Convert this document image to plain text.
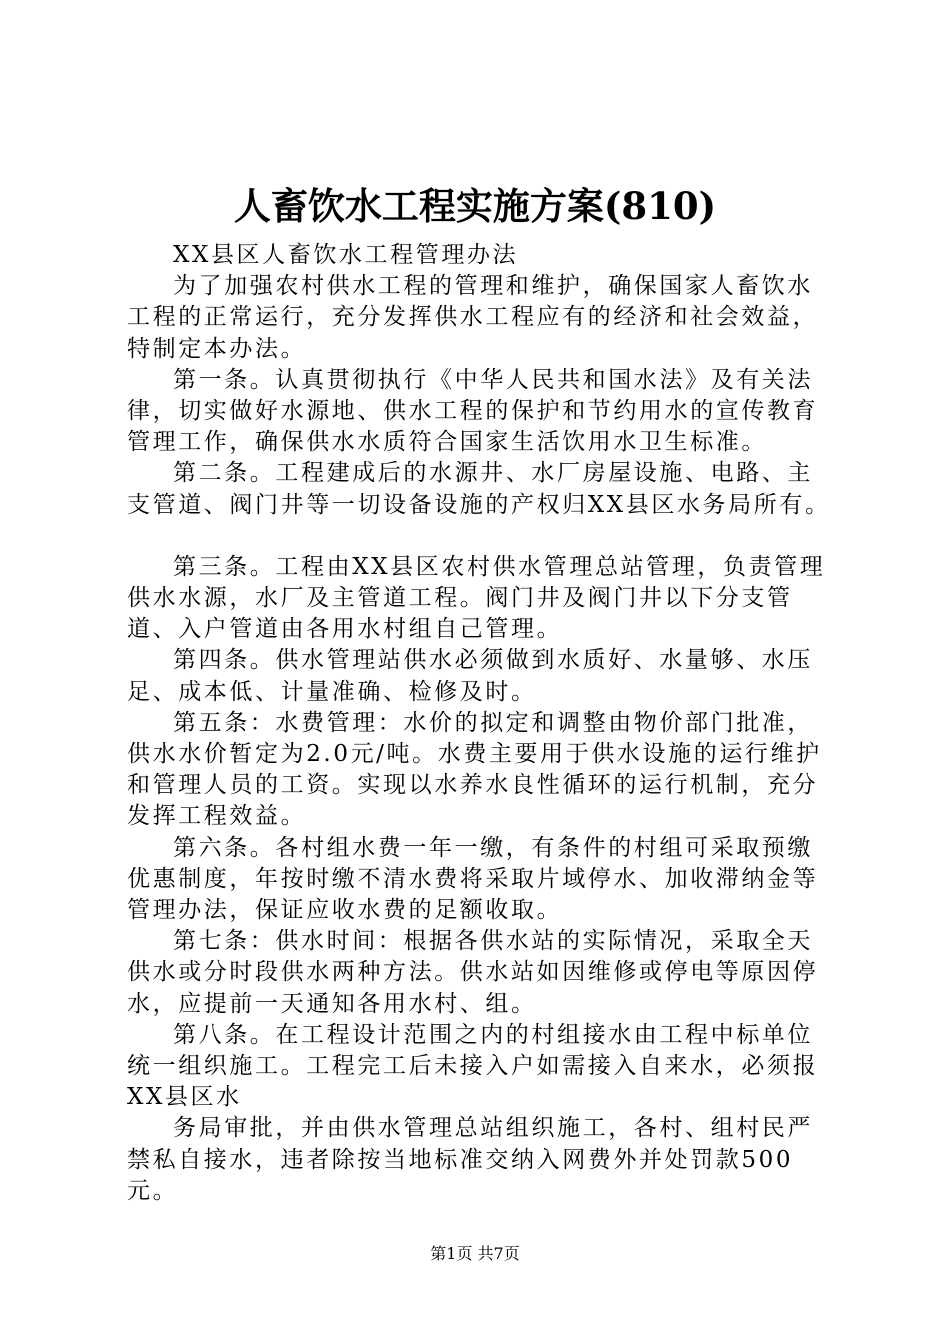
人畜饮水工程实施方案(810)

XX县区人畜饮水工程管理办法

为了加强农村供水工程的管理和维护，确保国家人畜饮水工程的正常运行，充分发挥供水工程应有的经济和社会效益，特制定本办法。

第一条。认真贯彻执行《中华人民共和国水法》及有关法律，切实做好水源地、供水工程的保护和节约用水的宣传教育管理工作，确保供水水质符合国家生活饮用水卫生标准。

第二条。工程建成后的水源井、水厂房屋设施、电路、主支管道、阀门井等一切设备设施的产权归XX县区水务局所有。

第三条。工程由XX县区农村供水管理总站管理，负责管理供水水源，水厂及主管道工程。阀门井及阀门井以下分支管道、入户管道由各用水村组自己管理。

第四条。供水管理站供水必须做到水质好、水量够、水压足、成本低、计量准确、检修及时。

第五条：水费管理：水价的拟定和调整由物价部门批准，供水水价暂定为2.0元/吨。水费主要用于供水设施的运行维护和管理人员的工资。实现以水养水良性循环的运行机制，充分发挥工程效益。

第六条。各村组水费一年一缴，有条件的村组可采取预缴优惠制度，年按时缴不清水费将采取片域停水、加收滞纳金等管理办法，保证应收水费的足额收取。

第七条：供水时间：根据各供水站的实际情况，采取全天供水或分时段供水两种方法。供水站如因维修或停电等原因停水，应提前一天通知各用水村、组。

第八条。在工程设计范围之内的村组接水由工程中标单位统一组织施工。工程完工后未接入户如需接入自来水，必须报XX县区水

务局审批，并由供水管理总站组织施工，各村、组村民严禁私自接水，违者除按当地标准交纳入网费外并处罚款500元。

第1页 共7页
